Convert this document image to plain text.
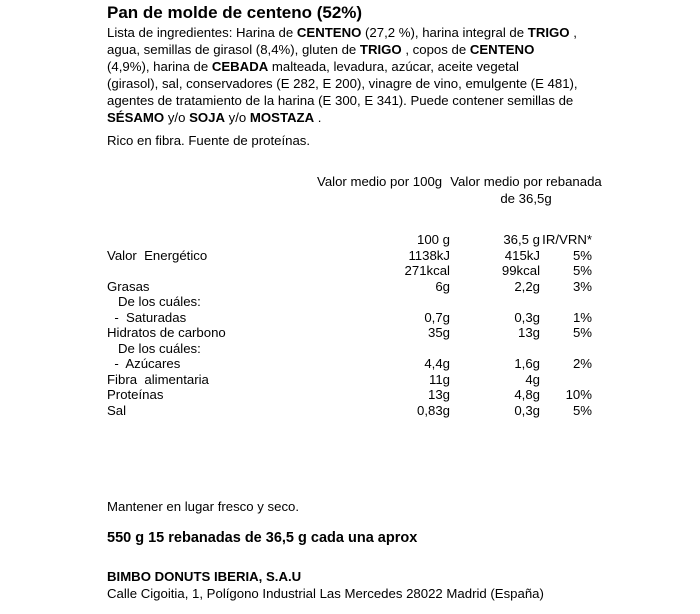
Pan de molde de centeno (52%)
Lista de ingredientes: Harina de CENTENO (27,2 %), harina integral de TRIGO ,
agua, semillas de girasol (8,4%), gluten de TRIGO , copos de CENTENO
(4,9%), harina de CEBADA malteada, levadura, azúcar, aceite vegetal
(girasol), sal, conservadores (E 282, E 200), vinagre de vino, emulgente (E 481),
agentes de tratamiento de la harina (E 300, E 341). Puede contener semillas de
SÉSAMO y/o SOJA y/o MOSTAZA .
Rico en fibra. Fuente de proteínas.
Valor medio por 100g Valor medio por rebanada de 36,5g
	100 g	36,5 g	IR/VRN*
Valor  Energético	1138kJ	415kJ	5%
	271kcal	99kcal	5%
Grasas	6g	2,2g	3%
De los cuáles:			
-  Saturadas	0,7g	0,3g	1%
Hidratos de carbono	35g	13g	5%
De los cuáles:			
-  Azúcares	4,4g	1,6g	2%
Fibra  alimentaria	11g	4g	
Proteínas	13g	4,8g	10%
Sal	0,83g	0,3g	5%
Mantener en lugar fresco y seco.
550 g 15 rebanadas de 36,5 g cada una aprox
BIMBO DONUTS IBERIA, S.A.U
Calle Cigoitia, 1, Polígono Industrial Las Mercedes 28022 Madrid (España)
